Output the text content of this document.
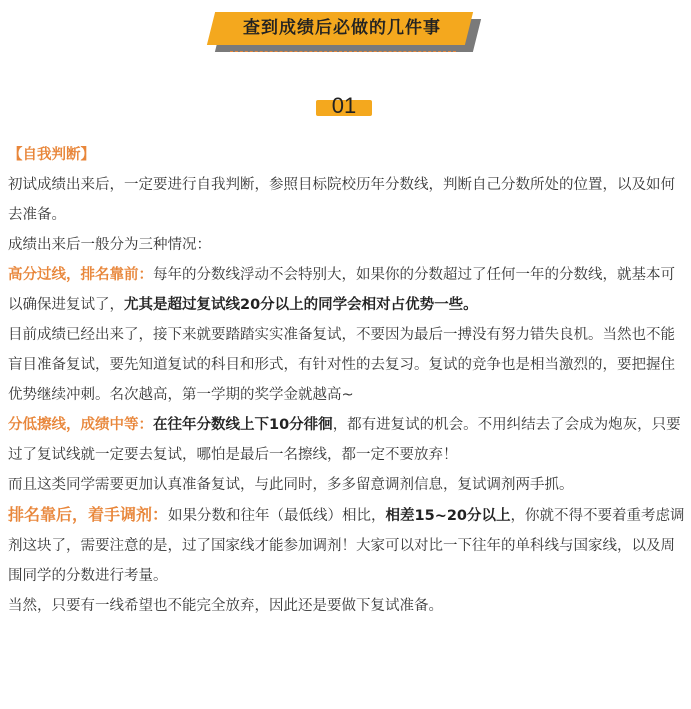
查到成绩后必做的几件事
01

【自我判断】

初试成绩出来后，一定要进行自我判断，参照目标院校历年分数线，判断自己分数所处的位置，以及如何去准备。

成绩出来后一般分为三种情况：

高分过线，排名靠前：每年的分数线浮动不会特别大，如果你的分数超过了任何一年的分数线，就基本可以确保进复试了，尤其是超过复试线20分以上的同学会相对占优势一些。

目前成绩已经出来了，接下来就要踏踏实实准备复试，不要因为最后一搏没有努力错失良机。当然也不能盲目准备复试，要先知道复试的科目和形式，有针对性的去复习。复试的竞争也是相当激烈的，要把握住优势继续冲刺。名次越高，第一学期的奖学金就越高~

分低擦线，成绩中等：在往年分数线上下10分徘徊，都有进复试的机会。不用纠结去了会成为炮灰，只要过了复试线就一定要去复试，哪怕是最后一名擦线，都一定不要放弃！

而且这类同学需要更加认真准备复试，与此同时，多多留意调剂信息，复试调剂两手抓。

排名靠后，着手调剂：如果分数和往年（最低线）相比，相差15~20分以上，你就不得不要着重考虑调剂这块了，需要注意的是，过了国家线才能参加调剂！大家可以对比一下往年的单科线与国家线，以及周围同学的分数进行考量。

当然，只要有一线希望也不能完全放弃，因此还是要做下复试准备。
